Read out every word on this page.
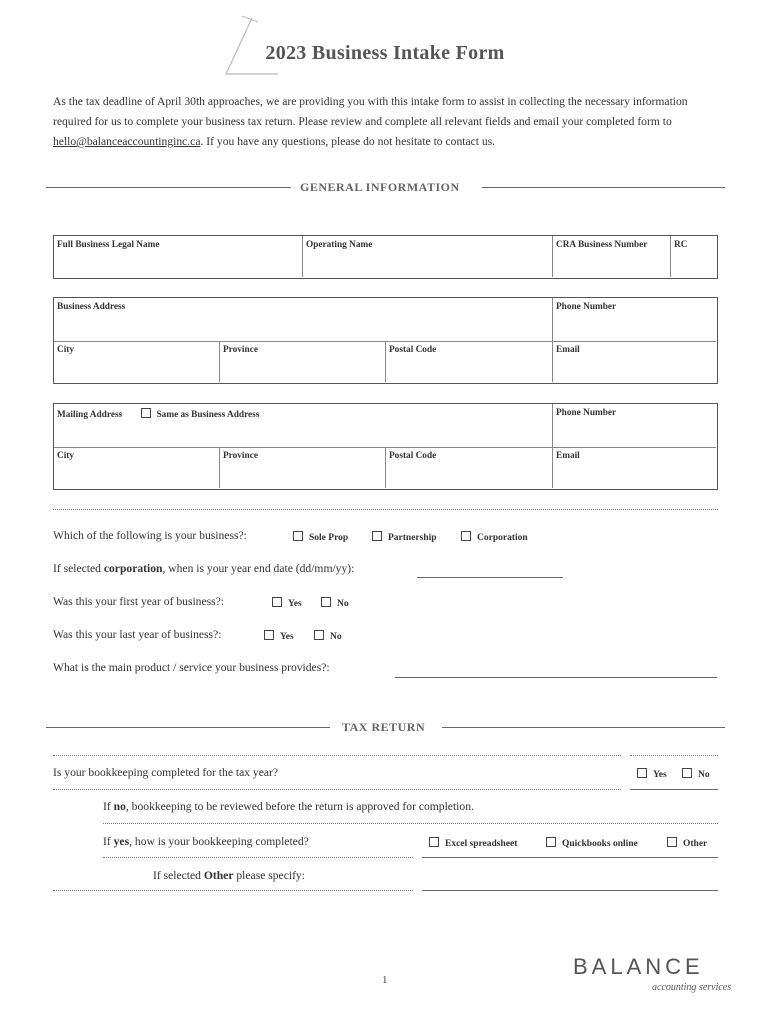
2023 Business Intake Form
As the tax deadline of April 30th approaches, we are providing you with this intake form to assist in collecting the necessary information required for us to complete your business tax return. Please review and complete all relevant fields and email your completed form to hello@balanceaccountinginc.ca. If you have any questions, please do not hesitate to contact us.
GENERAL INFORMATION
Full Business Legal Name	Operating Name	CRA Business Number	RC
Business Address	Phone Number
City	Province	Postal Code	Email
Mailing Address	Same as Business Address	Phone Number
City	Province	Postal Code	Email
Which of the following is your business?:	Sole Prop	Partnership	Corporation
If selected corporation, when is your year end date (dd/mm/yy):
Was this your first year of business?:	Yes	No
Was this your last year of business?:	Yes	No
What is the main product / service your business provides?:
TAX RETURN
Is your bookkeeping completed for the tax year?	Yes	No
If no, bookkeeping to be reviewed before the return is approved for completion.
If yes, how is your bookkeeping completed?	Excel spreadsheet	Quickbooks online	Other
If selected Other please specify:
1
BALANCE
accounting services
